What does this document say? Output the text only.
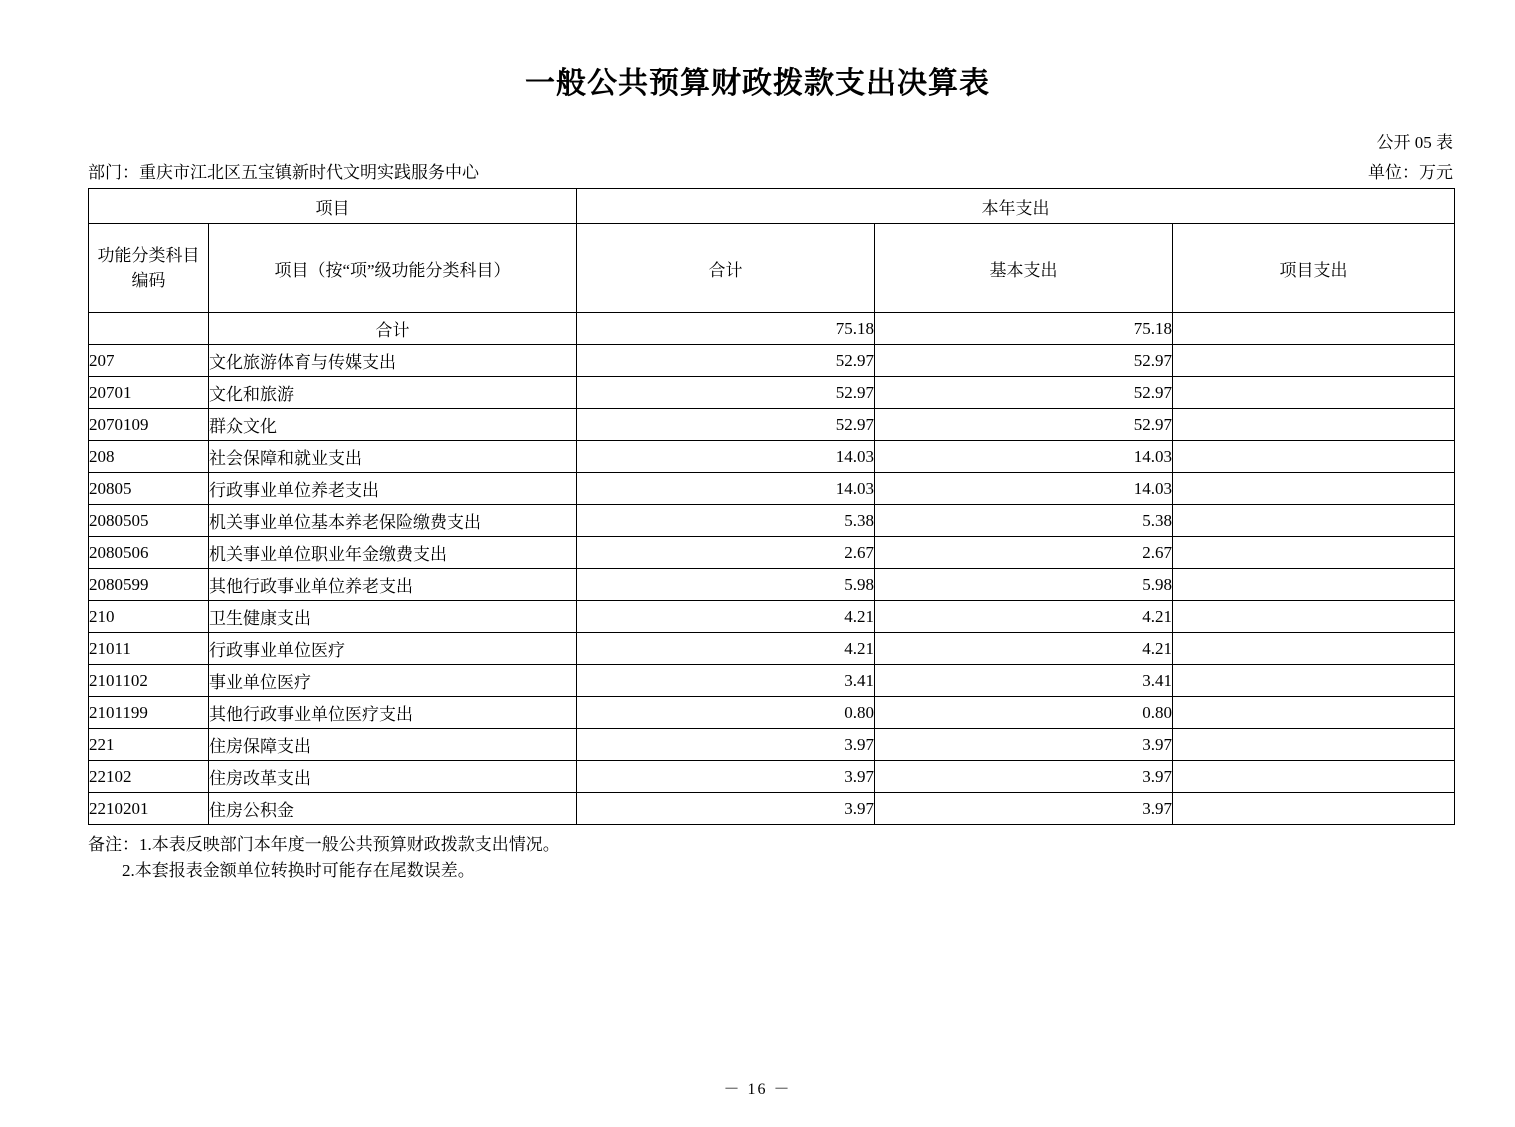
一般公共预算财政拨款支出决算表
公开 05 表
部门：重庆市江北区五宝镇新时代文明实践服务中心	单位：万元
项目		本年支出		

功能分类科目
编码	项目（按“项”级功能分类科目）	合计	基本支出	项目支出
	合计	75.18	75.18	
207	文化旅游体育与传媒支出	52.97	52.97	
20701	文化和旅游	52.97	52.97	
2070109	群众文化	52.97	52.97	
208	社会保障和就业支出	14.03	14.03	
20805	行政事业单位养老支出	14.03	14.03	
2080505	机关事业单位基本养老保险缴费支出	5.38	5.38	
2080506	机关事业单位职业年金缴费支出	2.67	2.67	
2080599	其他行政事业单位养老支出	5.98	5.98	
210	卫生健康支出	4.21	4.21	
21011	行政事业单位医疗	4.21	4.21	
2101102	事业单位医疗	3.41	3.41	
2101199	其他行政事业单位医疗支出	0.80	0.80	
221	住房保障支出	3.97	3.97	
22102	住房改革支出	3.97	3.97	
2210201	住房公积金	3.97	3.97	
备注：1.本表反映部门本年度一般公共预算财政拨款支出情况。
2.本套报表金额单位转换时可能存在尾数误差。
－ 16 －
